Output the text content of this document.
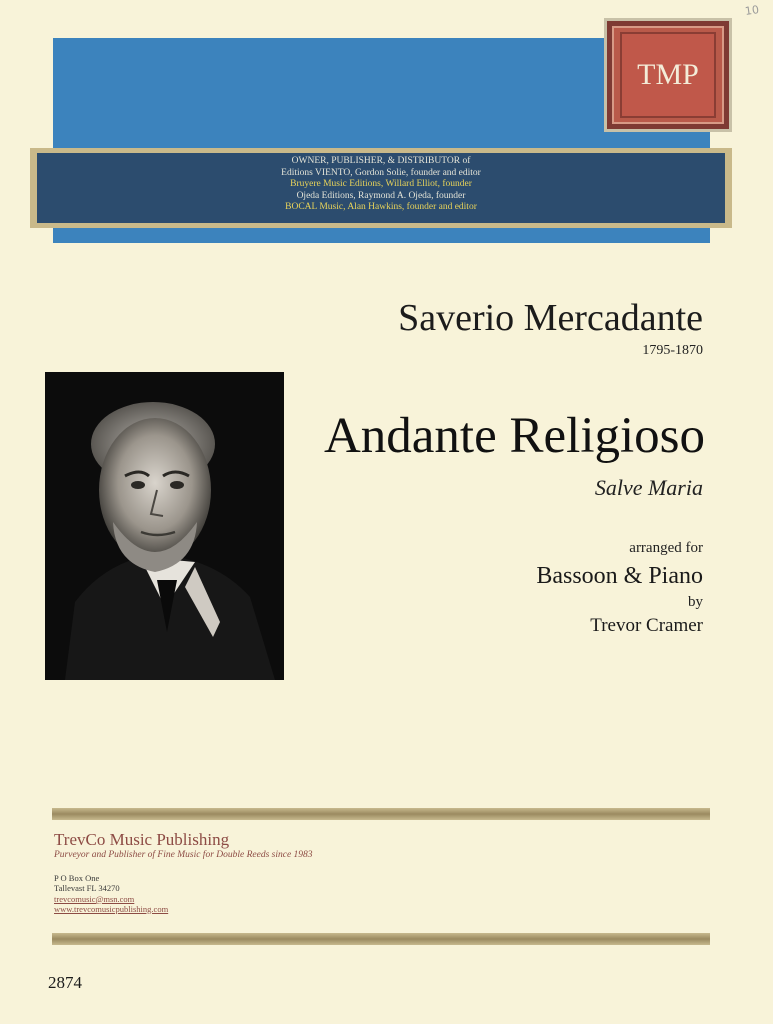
TMP
10
OWNER, PUBLISHER, & DISTRIBUTOR of
Editions VIENTO, Gordon Solie, founder and editor
Bruyere Music Editions, Willard Elliot, founder
Ojeda Editions, Raymond A. Ojeda, founder
BOCAL Music, Alan Hawkins, founder and editor
Saverio Mercadante
1795-1870
Andante Religioso
Salve Maria
arranged for
Bassoon & Piano
by
Trevor Cramer
TrevCo Music Publishing
Purveyor and Publisher of Fine Music for Double Reeds since 1983
P O Box One
Tallevast FL 34270
trevcomusic@msn.com
www.trevcomusicpublishing.com
2874
